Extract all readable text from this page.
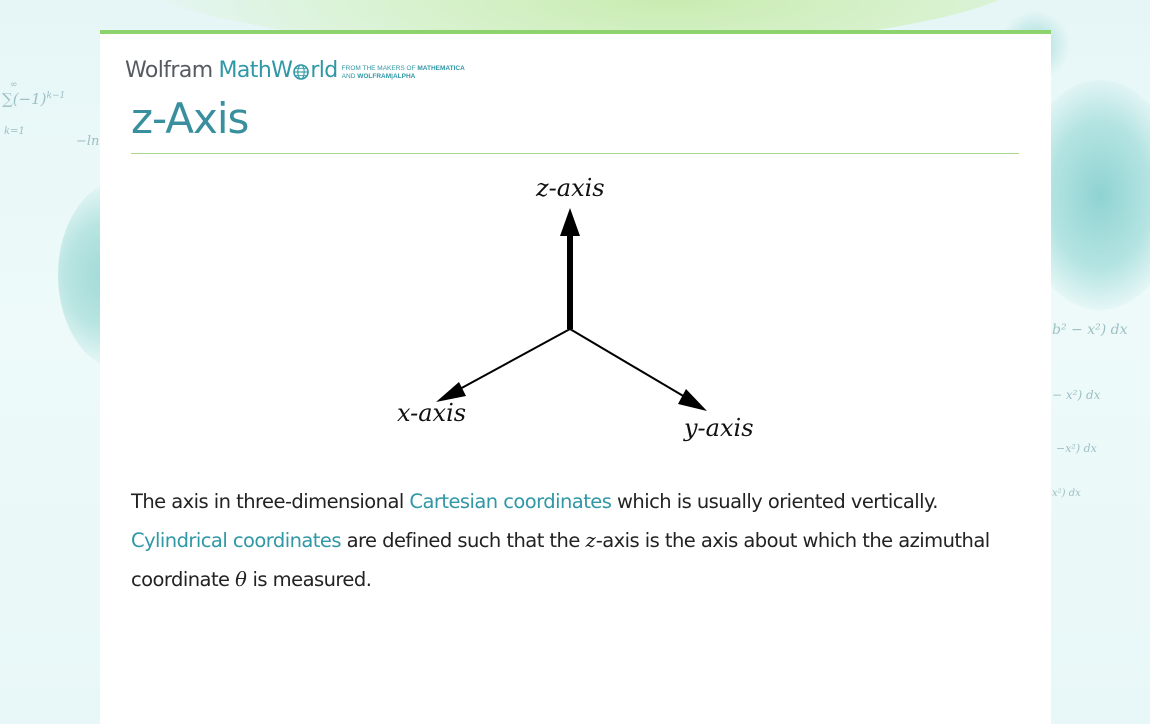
$\sum(-1)^{k-1}$
k=1
∞
−ln
b² − x²) dx
− x²) dx
−x²) dx
x²) dx
Wolfram MathW rld FROM THE MAKERS OF MATHEMATICA
AND WOLFRAM|ALPHA
z-Axis
z-axis
x-axis
y-axis

The axis in three-dimensional Cartesian coordinates which is usually oriented vertically. Cylindrical coordinates are defined such that the z-axis is the axis about which the azimuthal coordinate θ is measured.
